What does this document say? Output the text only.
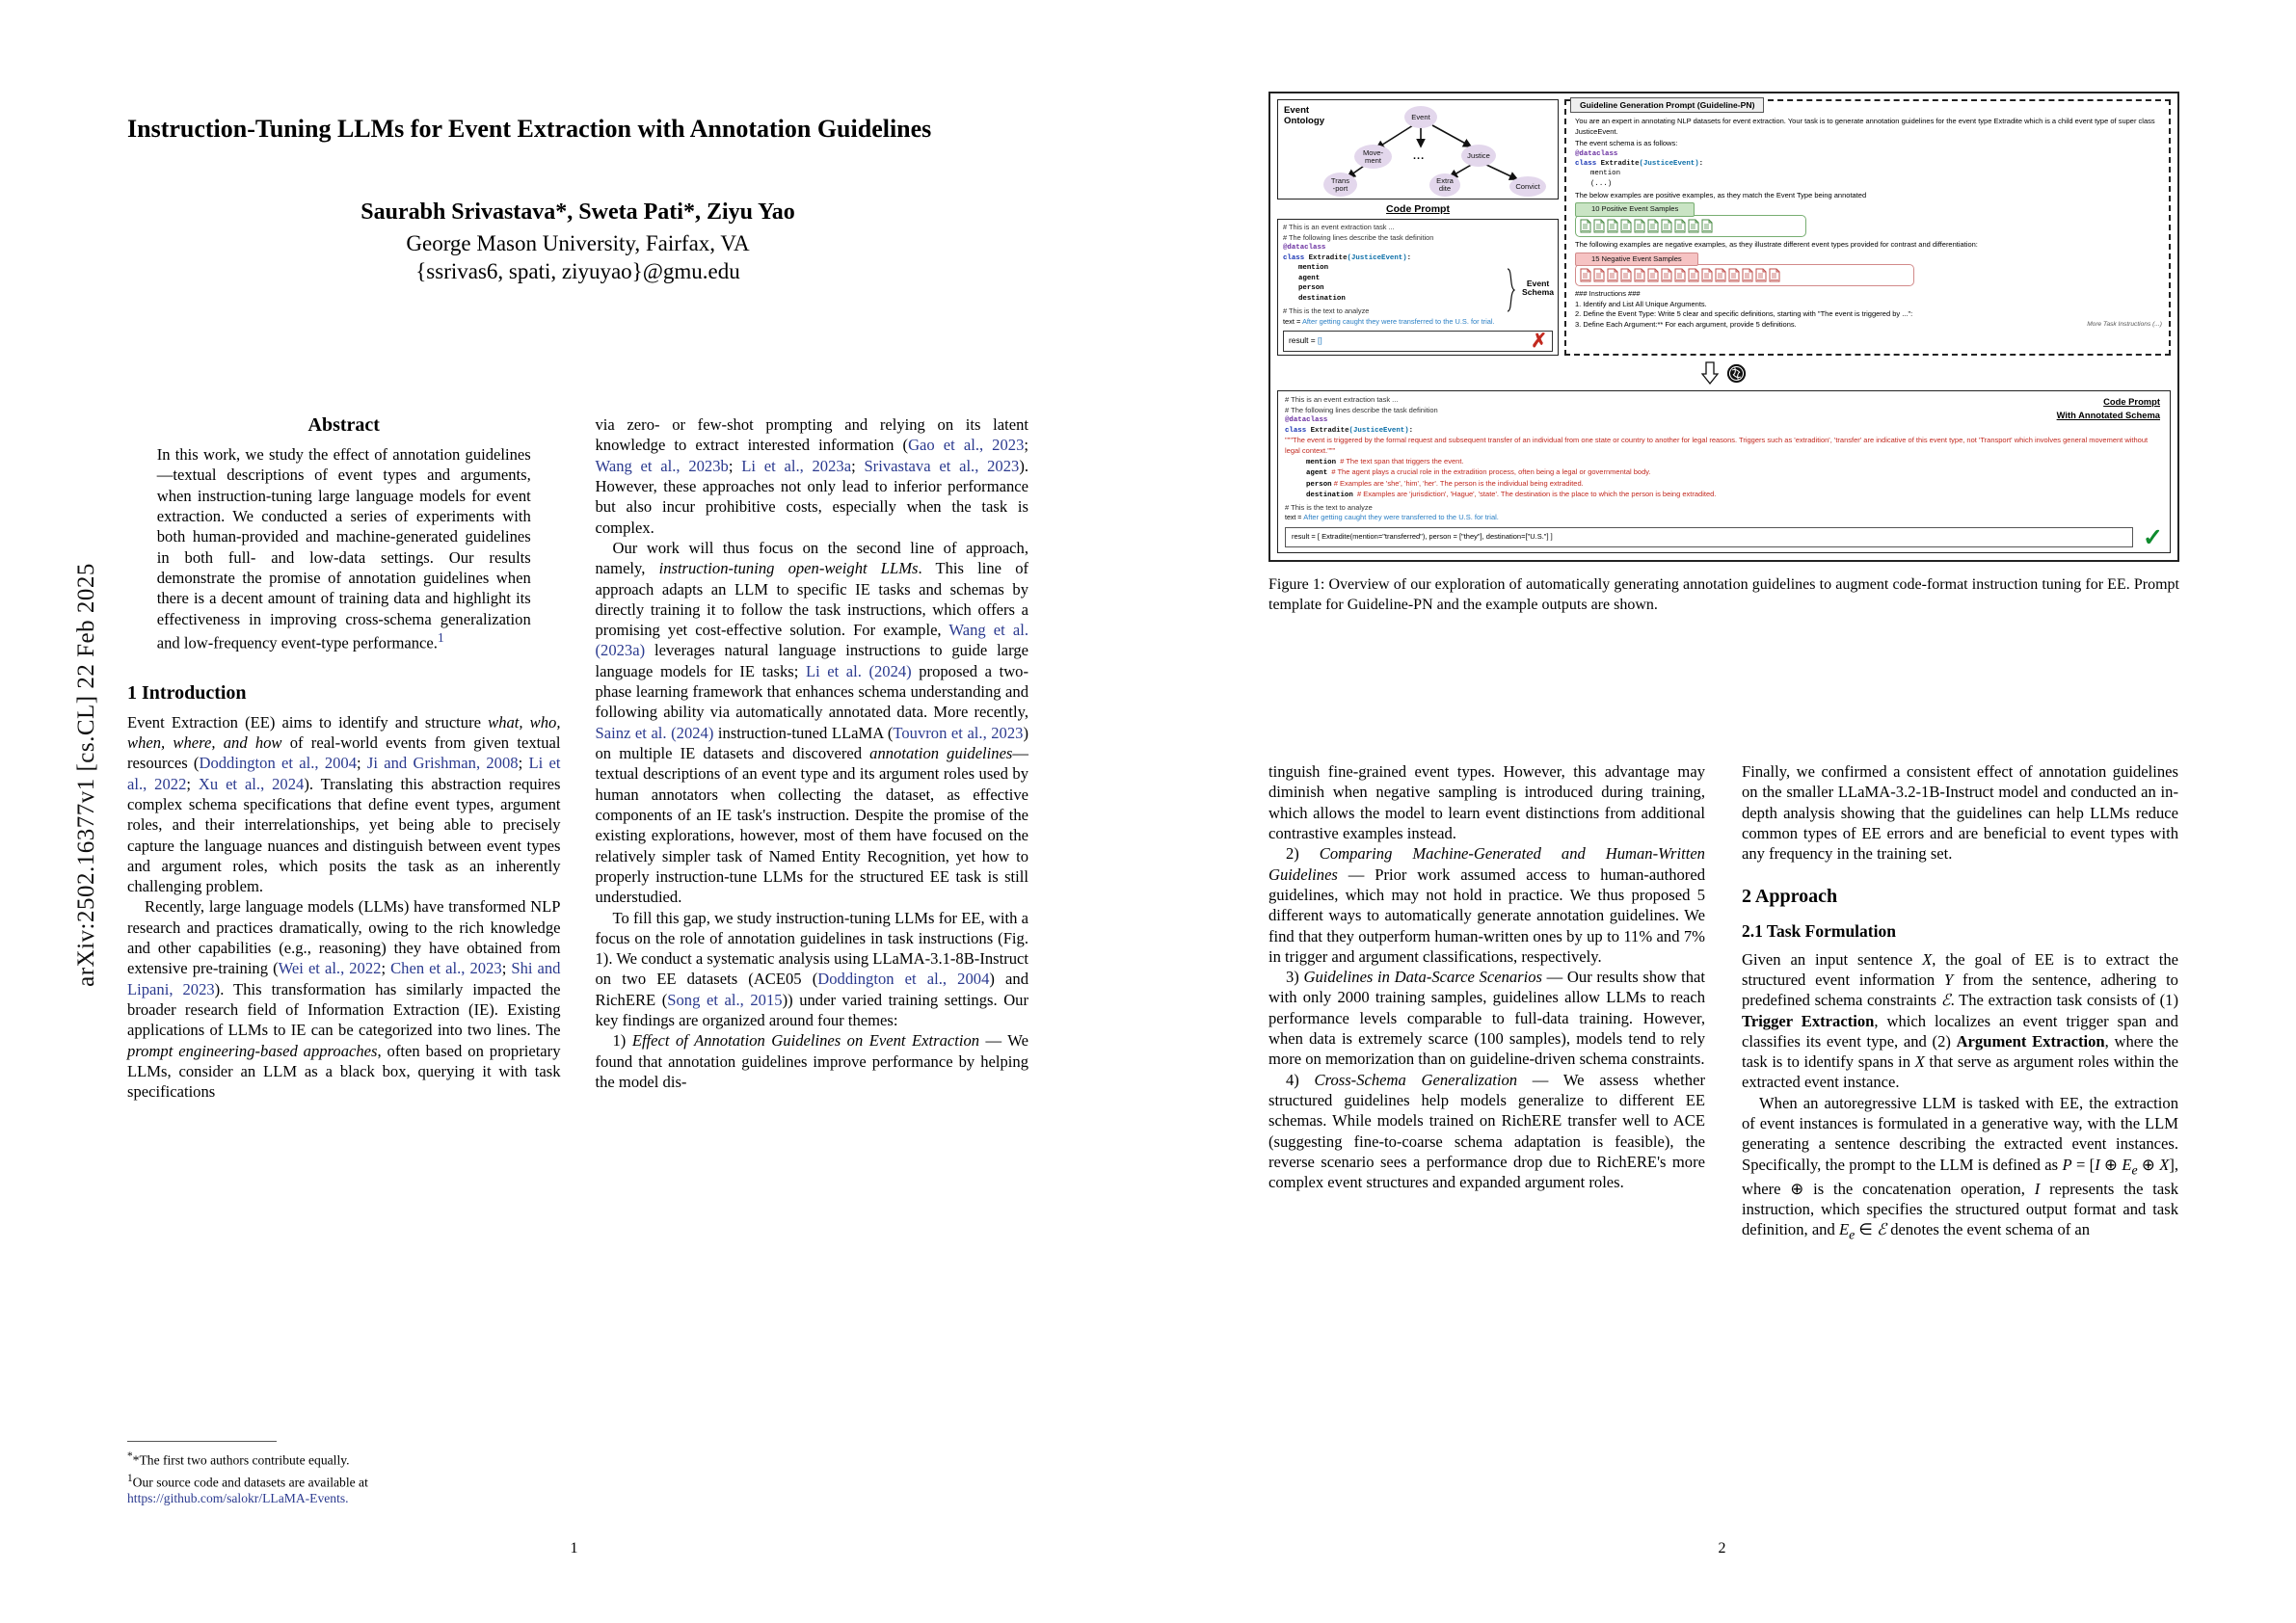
arXiv:2502.16377v1 [cs.CL] 22 Feb 2025
Instruction-Tuning LLMs for Event Extraction with Annotation Guidelines
Saurabh Srivastava*, Sweta Pati*, Ziyu Yao
George Mason University, Fairfax, VA
{ssrivas6, spati, ziyuyao}@gmu.edu
Abstract

In this work, we study the effect of annotation guidelines—textual descriptions of event types and arguments, when instruction-tuning large language models for event extraction. We conducted a series of experiments with both human-provided and machine-generated guidelines in both full- and low-data settings. Our results demonstrate the promise of annotation guidelines when there is a decent amount of training data and highlight its effectiveness in improving cross-schema generalization and low-frequency event-type performance.$^1$

1 Introduction

Event Extraction (EE) aims to identify and structure what, who, when, where, and how of real-world events from given textual resources (Doddington et al., 2004; Ji and Grishman, 2008; Li et al., 2022; Xu et al., 2024). Translating this abstraction requires complex schema specifications that define event types, argument roles, and their interrelationships, yet being able to precisely capture the language nuances and distinguish between event types and argument roles, which posits the task as an inherently challenging problem.

Recently, large language models (LLMs) have transformed NLP research and practices dramatically, owing to the rich knowledge and other capabilities (e.g., reasoning) they have obtained from extensive pre-training (Wei et al., 2022; Chen et al., 2023; Shi and Lipani, 2023). This transformation has similarly impacted the broader research field of Information Extraction (IE). Existing applications of LLMs to IE can be categorized into two lines. The prompt engineering-based approaches, often based on proprietary LLMs, consider an LLM as a black box, querying it with task specifications

via zero- or few-shot prompting and relying on its latent knowledge to extract interested information (Gao et al., 2023; Wang et al., 2023b; Li et al., 2023a; Srivastava et al., 2023). However, these approaches not only lead to inferior performance but also incur prohibitive costs, especially when the task is complex.

Our work will thus focus on the second line of approach, namely, instruction-tuning open-weight LLMs. This line of approach adapts an LLM to specific IE tasks and schemas by directly training it to follow the task instructions, which offers a promising yet cost-effective solution. For example, Wang et al. (2023a) leverages natural language instructions to guide large language models for IE tasks; Li et al. (2024) proposed a two-phase learning framework that enhances schema understanding and following ability via automatically annotated data. More recently, Sainz et al. (2024) instruction-tuned LLaMA (Touvron et al., 2023) on multiple IE datasets and discovered annotation guidelines—textual descriptions of an event type and its argument roles used by human annotators when collecting the dataset, as effective components of an IE task's instruction. Despite the promise of the existing explorations, however, most of them have focused on the relatively simpler task of Named Entity Recognition, yet how to properly instruction-tune LLMs for the structured EE task is still understudied.

To fill this gap, we study instruction-tuning LLMs for EE, with a focus on the role of annotation guidelines in task instructions (Fig. 1). We conduct a systematic analysis using LLaMA-3.1-8B-Instruct on two EE datasets (ACE05 (Doddington et al., 2004) and RichERE (Song et al., 2015)) under varied training settings. Our key findings are organized around four themes:

1) Effect of Annotation Guidelines on Event Extraction — We found that annotation guidelines improve performance by helping the model dis-

**The first two authors contribute equally.

$^1$Our source code and datasets are available at
https://github.com/salokr/LLaMA-Events.

1
Event
Ontology	Event
Move-
ment	...	Justice
Trans
-port
Extra
dite	Convict
Code Prompt
# This is an event extraction task ...
# The following lines describe the task definition
@dataclass
class Extradite(JusticeEvent):
mention
agent
person
destination
Event
Schema
# This is the text to analyze
text = After getting caught they were transferred to the U.S. for trial.
result = []	✗
Guideline Generation Prompt (Guideline-PN)
You are an expert in annotating NLP datasets for event extraction. Your task is to generate annotation guidelines for the event type Extradite which is a child event type of super class JusticeEvent.
The event schema is as follows:
@dataclass
class Extradite(JusticeEvent):
mention
(...)
The below examples are positive examples, as they match the Event Type being annotated
10 Positive Event Samples
The following examples are negative examples, as they illustrate different event types provided for contrast and differentiation:
15 Negative Event Samples
### Instructions ###
1. Identify and List All Unique Arguments.
2. Define the Event Type: Write 5 clear and specific definitions, starting with "The event is triggered by ...":
More Task Instructions (...)
3. Define Each Argument:** For each argument, provide 5 definitions.
Code Prompt
With Annotated Schema
# This is an event extraction task ...
# The following lines describe the task definition
@dataclass
class Extradite(JusticeEvent):
"""The event is triggered by the formal request and subsequent transfer of an individual from one state or country to another for legal reasons. Triggers such as 'extradition', 'transfer' are indicative of this event type, not 'Transport' which involves general movement without legal context."""
mention # The text span that triggers the event.
agent # The agent plays a crucial role in the extradition process, often being a legal or governmental body.
person # Examples are 'she', 'him', 'her'. The person is the individual being extradited.
destination # Examples are 'jurisdiction', 'Hague', 'state'. The destination is the place to which the person is being extradited.
# This is the text to analyze
text = After getting caught they were transferred to the U.S. for trial.
result = [ Extradite(mention="transferred"), person = ["they"], destination=["U.S."] ]	✓
Figure 1: Overview of our exploration of automatically generating annotation guidelines to augment code-format instruction tuning for EE. Prompt template for Guideline-PN and the example outputs are shown.

tinguish fine-grained event types. However, this advantage may diminish when negative sampling is introduced during training, which allows the model to learn event distinctions from additional contrastive examples instead.

2) Comparing Machine-Generated and Human-Written Guidelines — Prior work assumed access to human-authored guidelines, which may not hold in practice. We thus proposed 5 different ways to automatically generate annotation guidelines. We find that they outperform human-written ones by up to 11% and 7% in trigger and argument classifications, respectively.

3) Guidelines in Data-Scarce Scenarios — Our results show that with only 2000 training samples, guidelines allow LLMs to reach performance levels comparable to full-data training. However, when data is extremely scarce (100 samples), models tend to rely more on memorization than on guideline-driven schema constraints.

4) Cross-Schema Generalization — We assess whether structured guidelines help models generalize to different EE schemas. While models trained on RichERE transfer well to ACE (suggesting fine-to-coarse schema adaptation is feasible), the reverse scenario sees a performance drop due to RichERE's more complex event structures and expanded argument roles.

Finally, we confirmed a consistent effect of annotation guidelines on the smaller LLaMA-3.2-1B-Instruct model and conducted an in-depth analysis showing that the guidelines can help LLMs reduce common types of EE errors and are beneficial to event types with any frequency in the training set.

2 Approach
2.1 Task Formulation

Given an input sentence X, the goal of EE is to extract the structured event information Y from the sentence, adhering to predefined schema constraints ℰ. The extraction task consists of (1) Trigger Extraction, which localizes an event trigger span and classifies its event type, and (2) Argument Extraction, where the task is to identify spans in X that serve as argument roles within the extracted event instance.

When an autoregressive LLM is tasked with EE, the extraction of event instances is formulated in a generative way, with the LLM generating a sentence describing the extracted event instances. Specifically, the prompt to the LLM is defined as P = [I ⊕ $E_e$ ⊕ X], where ⊕ is the concatenation operation, I represents the task instruction, which specifies the structured output format and task definition, and $E_e$ ∈ ℰ denotes the event schema of an

2
